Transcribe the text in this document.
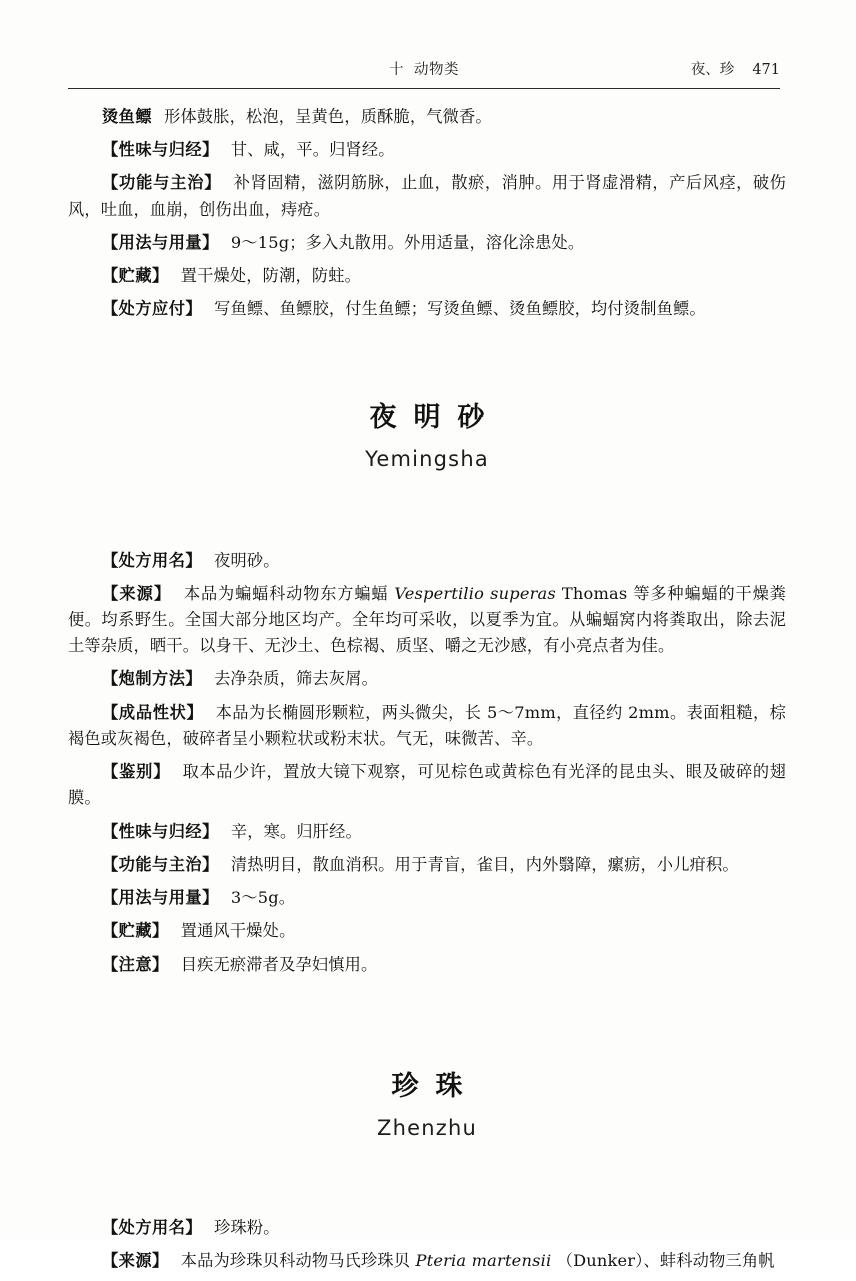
十 动物类	夜、珍 471

烫鱼鳔 形体鼓胀，松泡，呈黄色，质酥脆，气微香。

【性味与归经】 甘、咸，平。归肾经。

【功能与主治】 补肾固精，滋阴筋脉，止血，散瘀，消肿。用于肾虚滑精，产后风痉，破伤风，吐血，血崩，创伤出血，痔疮。

【用法与用量】 9～15g；多入丸散用。外用适量，溶化涂患处。

【贮藏】 置干燥处，防潮，防蛀。

【处方应付】 写鱼鳔、鱼鳔胶，付生鱼鳔；写烫鱼鳔、烫鱼鳔胶，均付烫制鱼鳔。

夜明砂
Yemingsha

【处方用名】 夜明砂。

【来源】 本品为蝙蝠科动物东方蝙蝠 Vespertilio superas Thomas 等多种蝙蝠的干燥粪便。均系野生。全国大部分地区均产。全年均可采收，以夏季为宜。从蝙蝠窝内将粪取出，除去泥土等杂质，晒干。以身干、无沙土、色棕褐、质坚、嚼之无沙感，有小亮点者为佳。

【炮制方法】 去净杂质，筛去灰屑。

【成品性状】 本品为长椭圆形颗粒，两头微尖，长 5～7mm，直径约 2mm。表面粗糙，棕褐色或灰褐色，破碎者呈小颗粒状或粉末状。气无，味微苦、辛。

【鉴别】 取本品少许，置放大镜下观察，可见棕色或黄棕色有光泽的昆虫头、眼及破碎的翅膜。

【性味与归经】 辛，寒。归肝经。

【功能与主治】 清热明目，散血消积。用于青盲，雀目，内外翳障，瘰疬，小儿疳积。

【用法与用量】 3～5g。

【贮藏】 置通风干燥处。

【注意】 目疾无瘀滞者及孕妇慎用。

珍珠
Zhenzhu

【处方用名】 珍珠粉。

【来源】 本品为珍珠贝科动物马氏珍珠贝 Pteria martensii （Dunker）、蚌科动物三角帆
